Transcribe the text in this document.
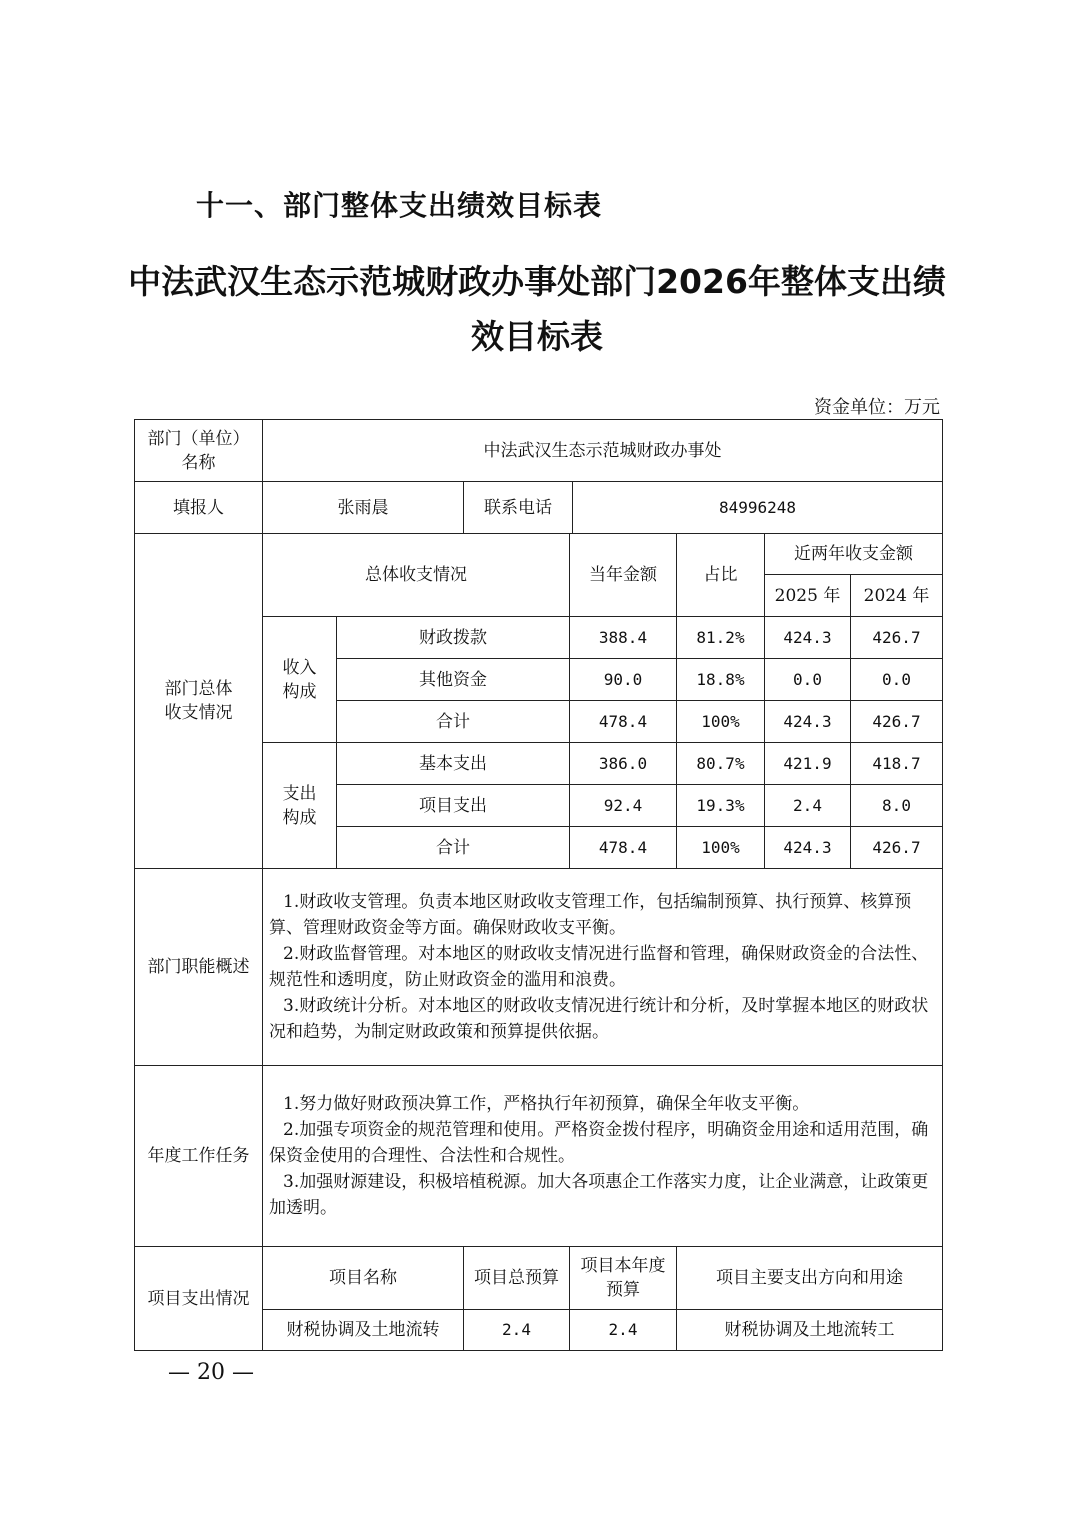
十一、部门整体支出绩效目标表
中法武汉生态示范城财政办事处部门2026年整体支出绩
效目标表
资金单位：万元
部门（单位）
名称	中法武汉生态示范城财政办事处							
填报人	张雨晨		联系电话		84996248			
部门总体
收支情况	总体收支情况			当年金额		占比	近两年收支金额	
							2025 年	2024 年
	收入
构成	财政拨款		388.4		81.2%	424.3	426.7
		其他资金		90.0		18.8%	0.0	0.0
		合计		478.4		100%	424.3	426.7
	支出
构成	基本支出		386.0		80.7%	421.9	418.7
		项目支出		92.4		19.3%	2.4	8.0
		合计		478.4		100%	424.3	426.7
部门职能概述	1.财政收支管理。负责本地区财政收支管理工作，包括编制预算、执行预算、核算预算、管理财政资金等方面。确保财政收支平衡。
2.财政监督管理。对本地区的财政收支情况进行监督和管理，确保财政资金的合法性、规范性和透明度，防止财政资金的滥用和浪费。
3.财政统计分析。对本地区的财政收支情况进行统计和分析，及时掌握本地区的财政状况和趋势，为制定财政政策和预算提供依据。							

年度工作任务	1.努力做好财政预决算工作，严格执行年初预算，确保全年收支平衡。
2.加强专项资金的规范管理和使用。严格资金拨付程序，明确资金用途和适用范围，确保资金使用的合理性、合法性和合规性。
3.加强财源建设，积极培植税源。加大各项惠企工作落实力度，让企业满意，让政策更加透明。							

项目支出情况	项目名称		项目总预算	项目本年度
预算		项目主要支出方向和用途		
	财税协调及土地流转		2.4	2.4		财税协调及土地流转工		
— 20 —
